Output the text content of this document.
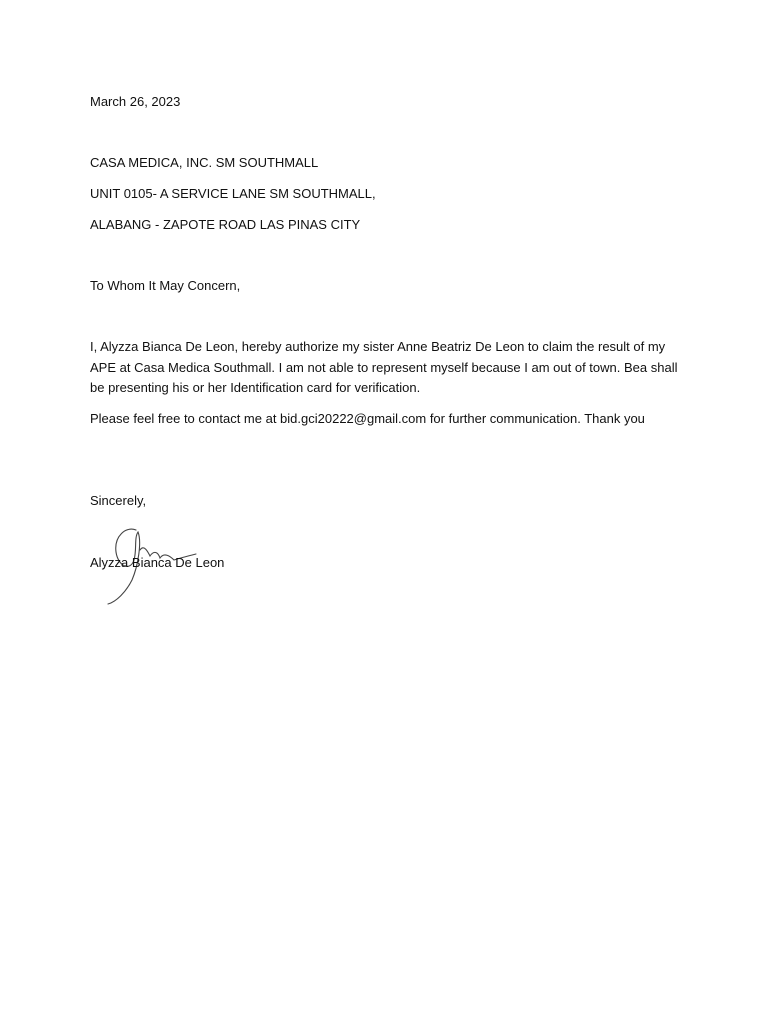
March 26, 2023
CASA MEDICA, INC. SM SOUTHMALL
UNIT 0105- A SERVICE LANE SM SOUTHMALL,
ALABANG - ZAPOTE ROAD LAS PINAS CITY
To Whom It May Concern,
I, Alyzza Bianca De Leon, hereby authorize my sister Anne Beatriz De Leon to claim the result of my APE at Casa Medica Southmall. I am not able to represent myself because I am out of town. Bea shall be presenting his or her Identification card for verification.
Please feel free to contact me at bid.gci20222@gmail.com for further communication. Thank you
Sincerely,
Alyzza Bianca De Leon
